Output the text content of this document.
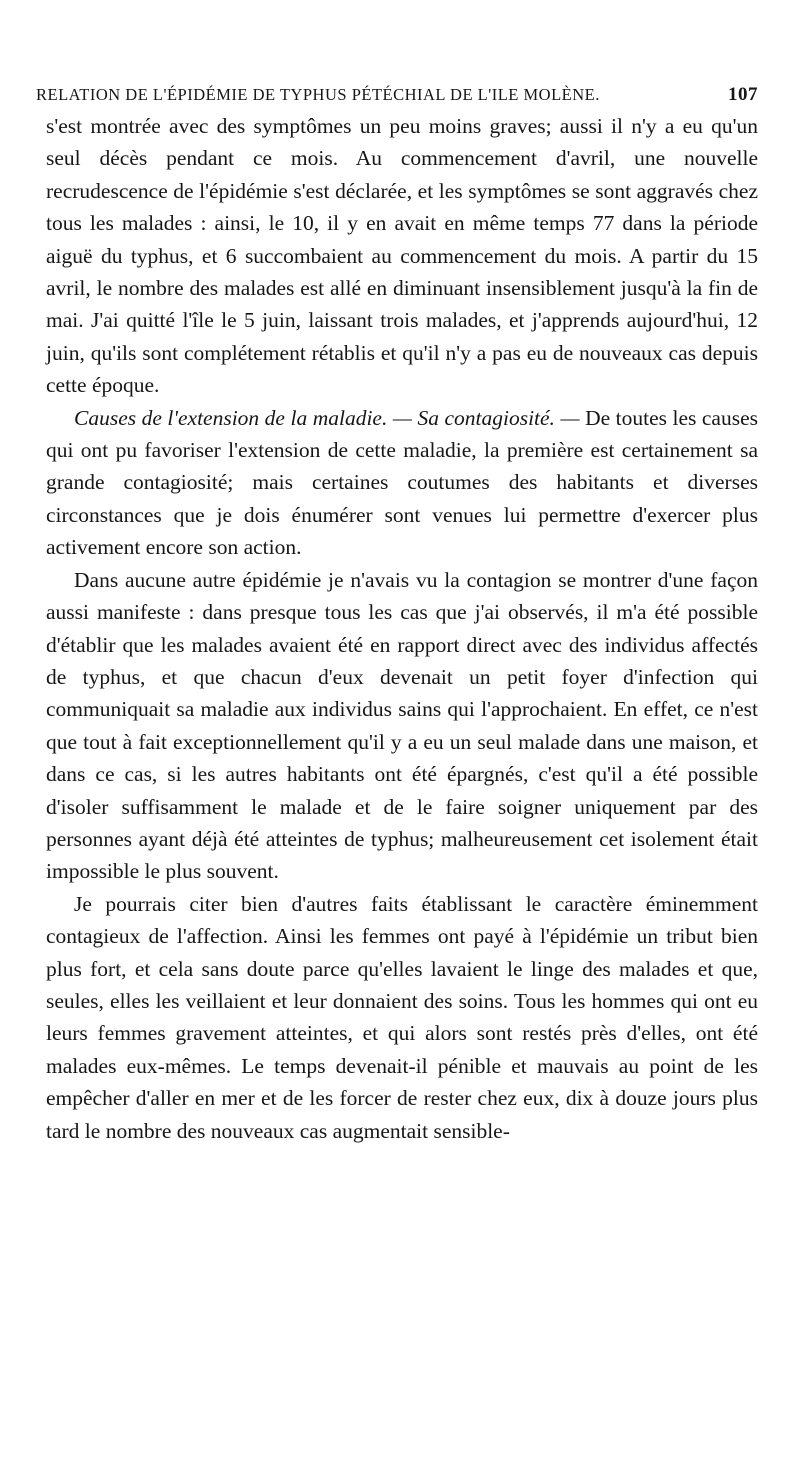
RELATION DE L'ÉPIDÉMIE DE TYPHUS PÉTÉCHIAL DE L'ILE MOLÈNE.	107

s'est montrée avec des symptômes un peu moins graves; aussi il n'y a eu qu'un seul décès pendant ce mois. Au commencement d'avril, une nouvelle recrudescence de l'épidémie s'est déclarée, et les symptômes se sont aggravés chez tous les malades : ainsi, le 10, il y en avait en même temps 77 dans la période aiguë du typhus, et 6 succombaient au commencement du mois. A partir du 15 avril, le nombre des malades est allé en diminuant insensiblement jusqu'à la fin de mai. J'ai quitté l'île le 5 juin, laissant trois malades, et j'apprends aujourd'hui, 12 juin, qu'ils sont complétement rétablis et qu'il n'y a pas eu de nouveaux cas depuis cette époque.

Causes de l'extension de la maladie. — Sa contagiosité. — De toutes les causes qui ont pu favoriser l'extension de cette maladie, la première est certainement sa grande contagiosité; mais certaines coutumes des habitants et diverses circonstances que je dois énumérer sont venues lui permettre d'exercer plus activement encore son action.

Dans aucune autre épidémie je n'avais vu la contagion se montrer d'une façon aussi manifeste : dans presque tous les cas que j'ai observés, il m'a été possible d'établir que les malades avaient été en rapport direct avec des individus affectés de typhus, et que chacun d'eux devenait un petit foyer d'infection qui communiquait sa maladie aux individus sains qui l'approchaient. En effet, ce n'est que tout à fait exceptionnellement qu'il y a eu un seul malade dans une maison, et dans ce cas, si les autres habitants ont été épargnés, c'est qu'il a été possible d'isoler suffisamment le malade et de le faire soigner uniquement par des personnes ayant déjà été atteintes de typhus; malheureusement cet isolement était impossible le plus souvent.

Je pourrais citer bien d'autres faits établissant le caractère éminemment contagieux de l'affection. Ainsi les femmes ont payé à l'épidémie un tribut bien plus fort, et cela sans doute parce qu'elles lavaient le linge des malades et que, seules, elles les veillaient et leur donnaient des soins. Tous les hommes qui ont eu leurs femmes gravement atteintes, et qui alors sont restés près d'elles, ont été malades eux-mêmes. Le temps devenait-il pénible et mauvais au point de les empêcher d'aller en mer et de les forcer de rester chez eux, dix à douze jours plus tard le nombre des nouveaux cas augmentait sensible-
